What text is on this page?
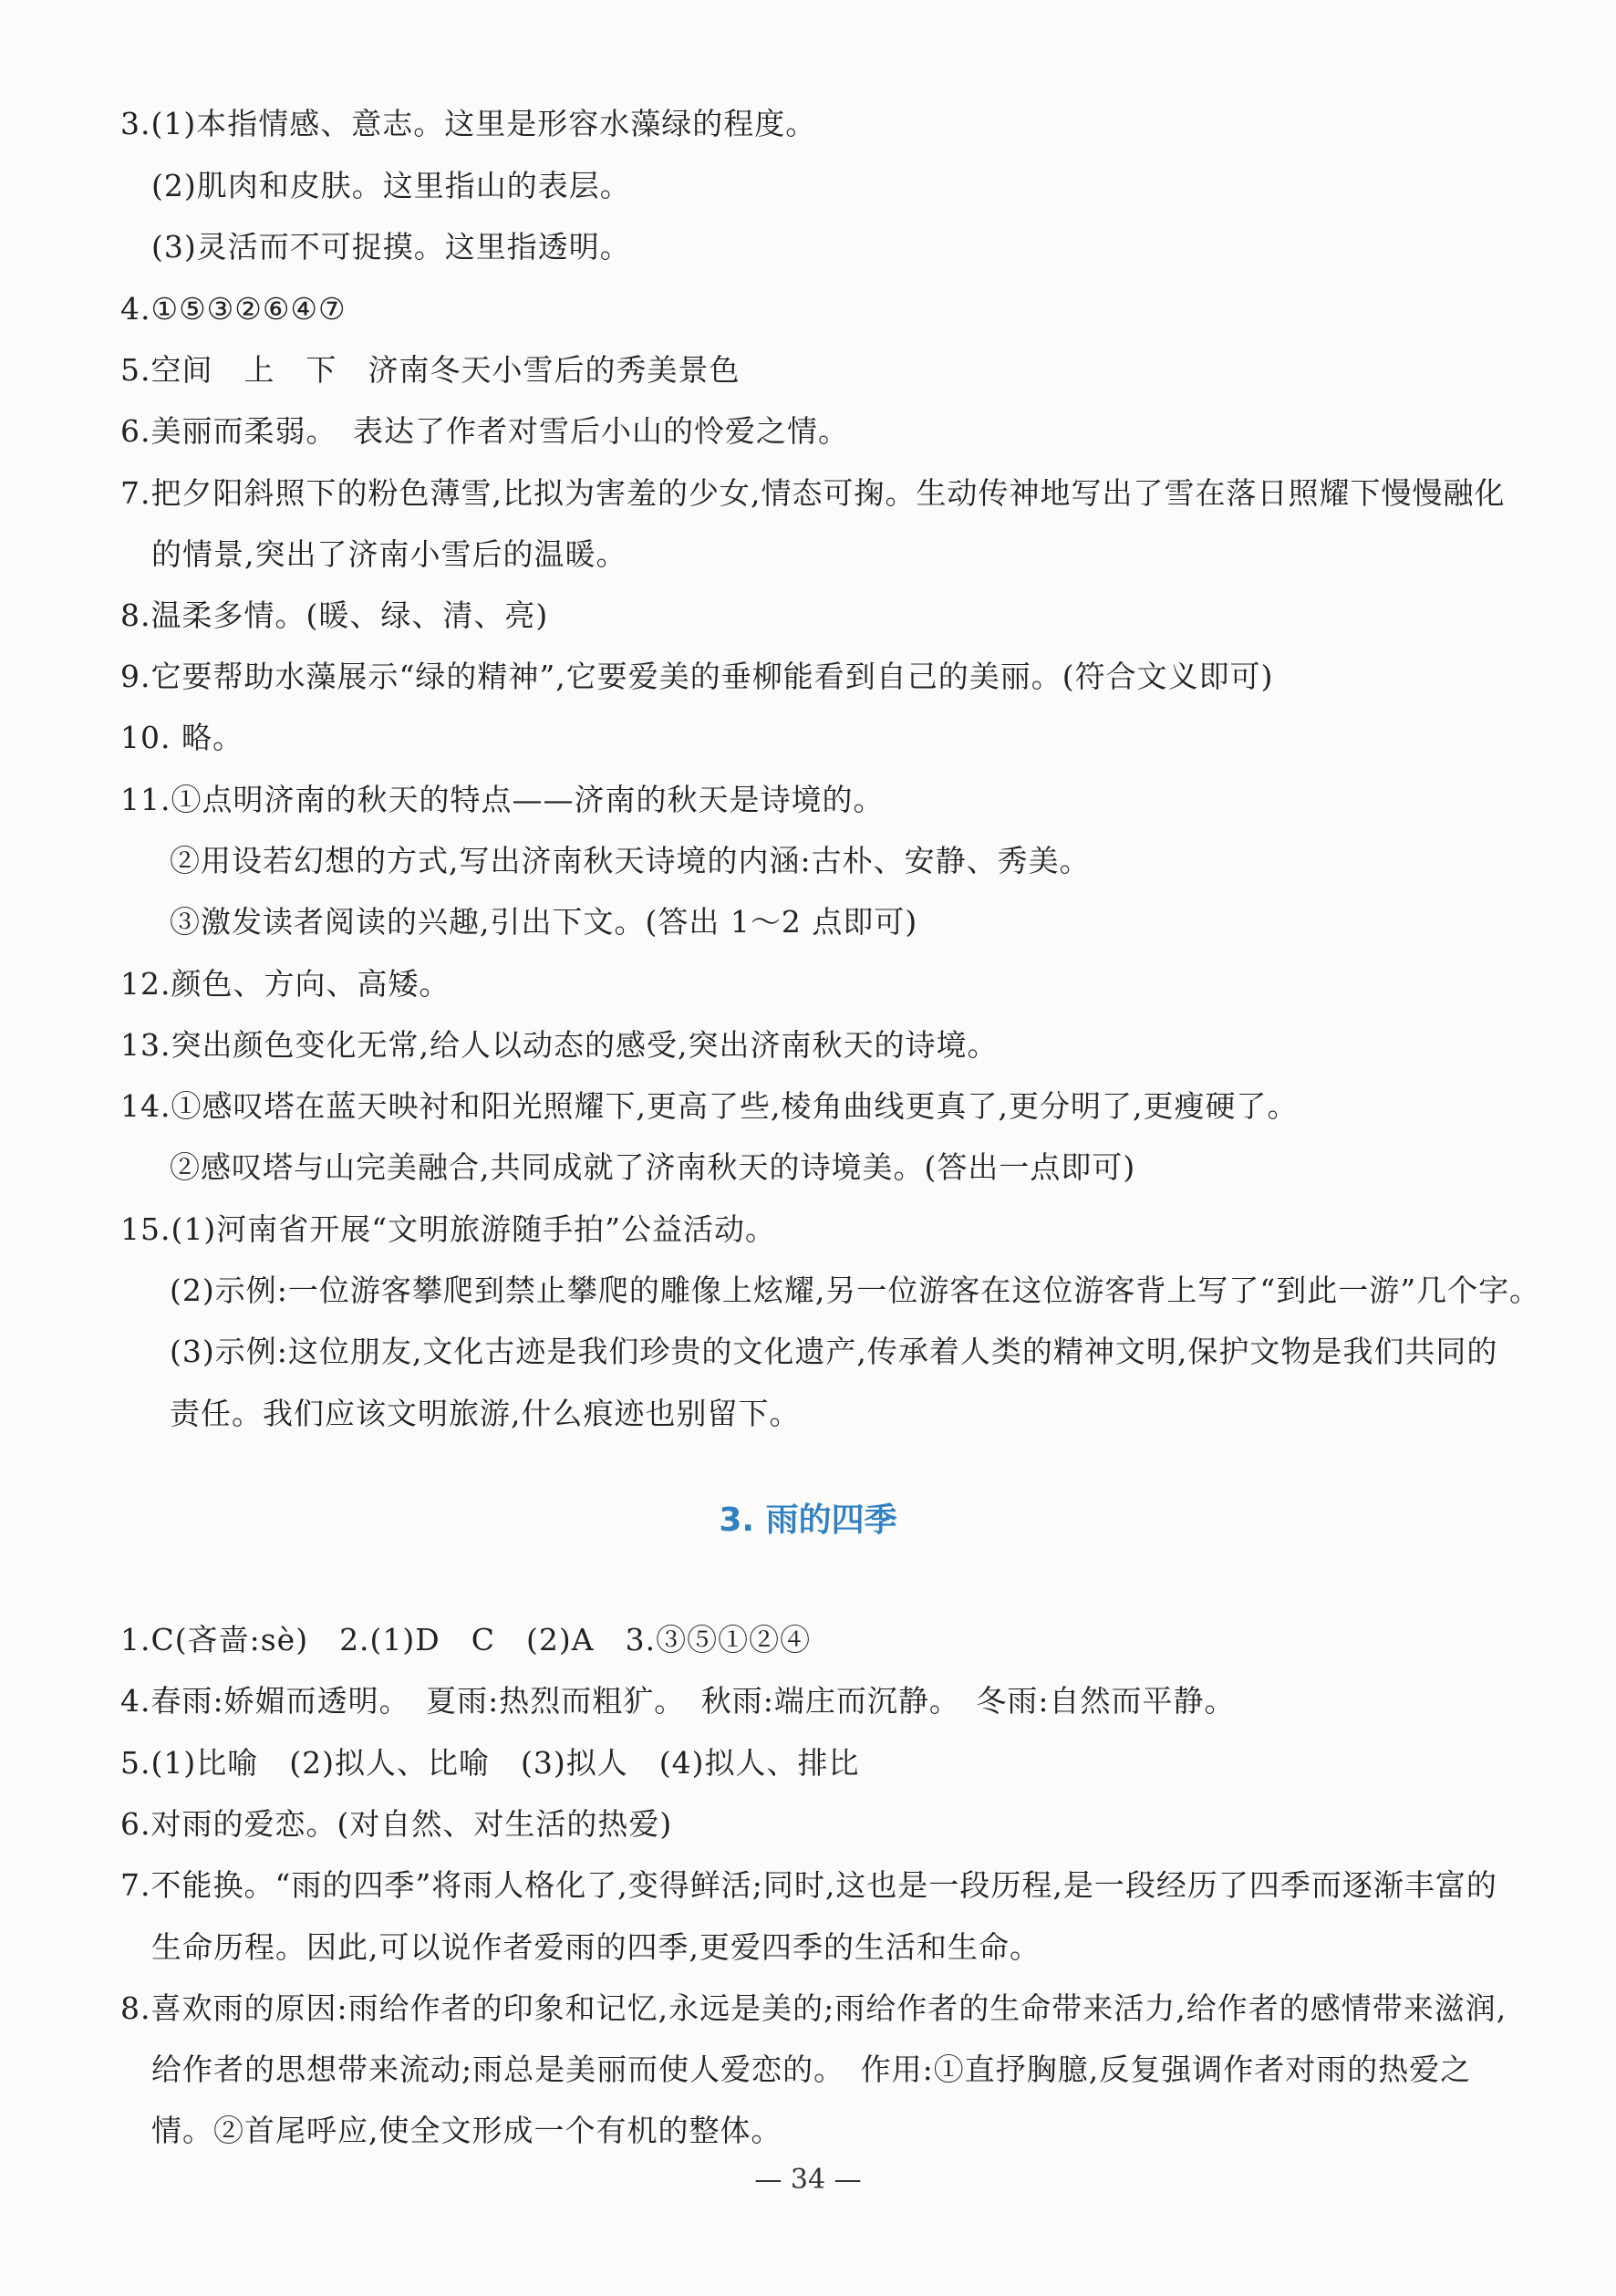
3.(1)本指情感、意志。这里是形容水藻绿的程度。
(2)肌肉和皮肤。这里指山的表层。
(3)灵活而不可捉摸。这里指透明。
4.①⑤③②⑥④⑦
5.空间　上　下　济南冬天小雪后的秀美景色
6.美丽而柔弱。　表达了作者对雪后小山的怜爱之情。
7.把夕阳斜照下的粉色薄雪,比拟为害羞的少女,情态可掬。生动传神地写出了雪在落日照耀下慢慢融化
的情景,突出了济南小雪后的温暖。
8.温柔多情。(暖、绿、清、亮)
9.它要帮助水藻展示“绿的精神”,它要爱美的垂柳能看到自己的美丽。(符合文义即可)
10. 略。
11.①点明济南的秋天的特点——济南的秋天是诗境的。
②用设若幻想的方式,写出济南秋天诗境的内涵:古朴、安静、秀美。
③激发读者阅读的兴趣,引出下文。(答出 1～2 点即可)
12.颜色、方向、高矮。
13.突出颜色变化无常,给人以动态的感受,突出济南秋天的诗境。
14.①感叹塔在蓝天映衬和阳光照耀下,更高了些,棱角曲线更真了,更分明了,更瘦硬了。
②感叹塔与山完美融合,共同成就了济南秋天的诗境美。(答出一点即可)
15.(1)河南省开展“文明旅游随手拍”公益活动。
(2)示例:一位游客攀爬到禁止攀爬的雕像上炫耀,另一位游客在这位游客背上写了“到此一游”几个字。
(3)示例:这位朋友,文化古迹是我们珍贵的文化遗产,传承着人类的精神文明,保护文物是我们共同的
责任。我们应该文明旅游,什么痕迹也别留下。
3. 雨的四季
1.C(吝啬:sè)　2.(1)D　C　(2)A　3.③⑤①②④
4.春雨:娇媚而透明。　夏雨:热烈而粗犷。　秋雨:端庄而沉静。　冬雨:自然而平静。
5.(1)比喻　(2)拟人、比喻　(3)拟人　(4)拟人、排比
6.对雨的爱恋。(对自然、对生活的热爱)
7.不能换。“雨的四季”将雨人格化了,变得鲜活;同时,这也是一段历程,是一段经历了四季而逐渐丰富的
生命历程。因此,可以说作者爱雨的四季,更爱四季的生活和生命。
8.喜欢雨的原因:雨给作者的印象和记忆,永远是美的;雨给作者的生命带来活力,给作者的感情带来滋润,
给作者的思想带来流动;雨总是美丽而使人爱恋的。　作用:①直抒胸臆,反复强调作者对雨的热爱之
情。②首尾呼应,使全文形成一个有机的整体。
— 34 —
